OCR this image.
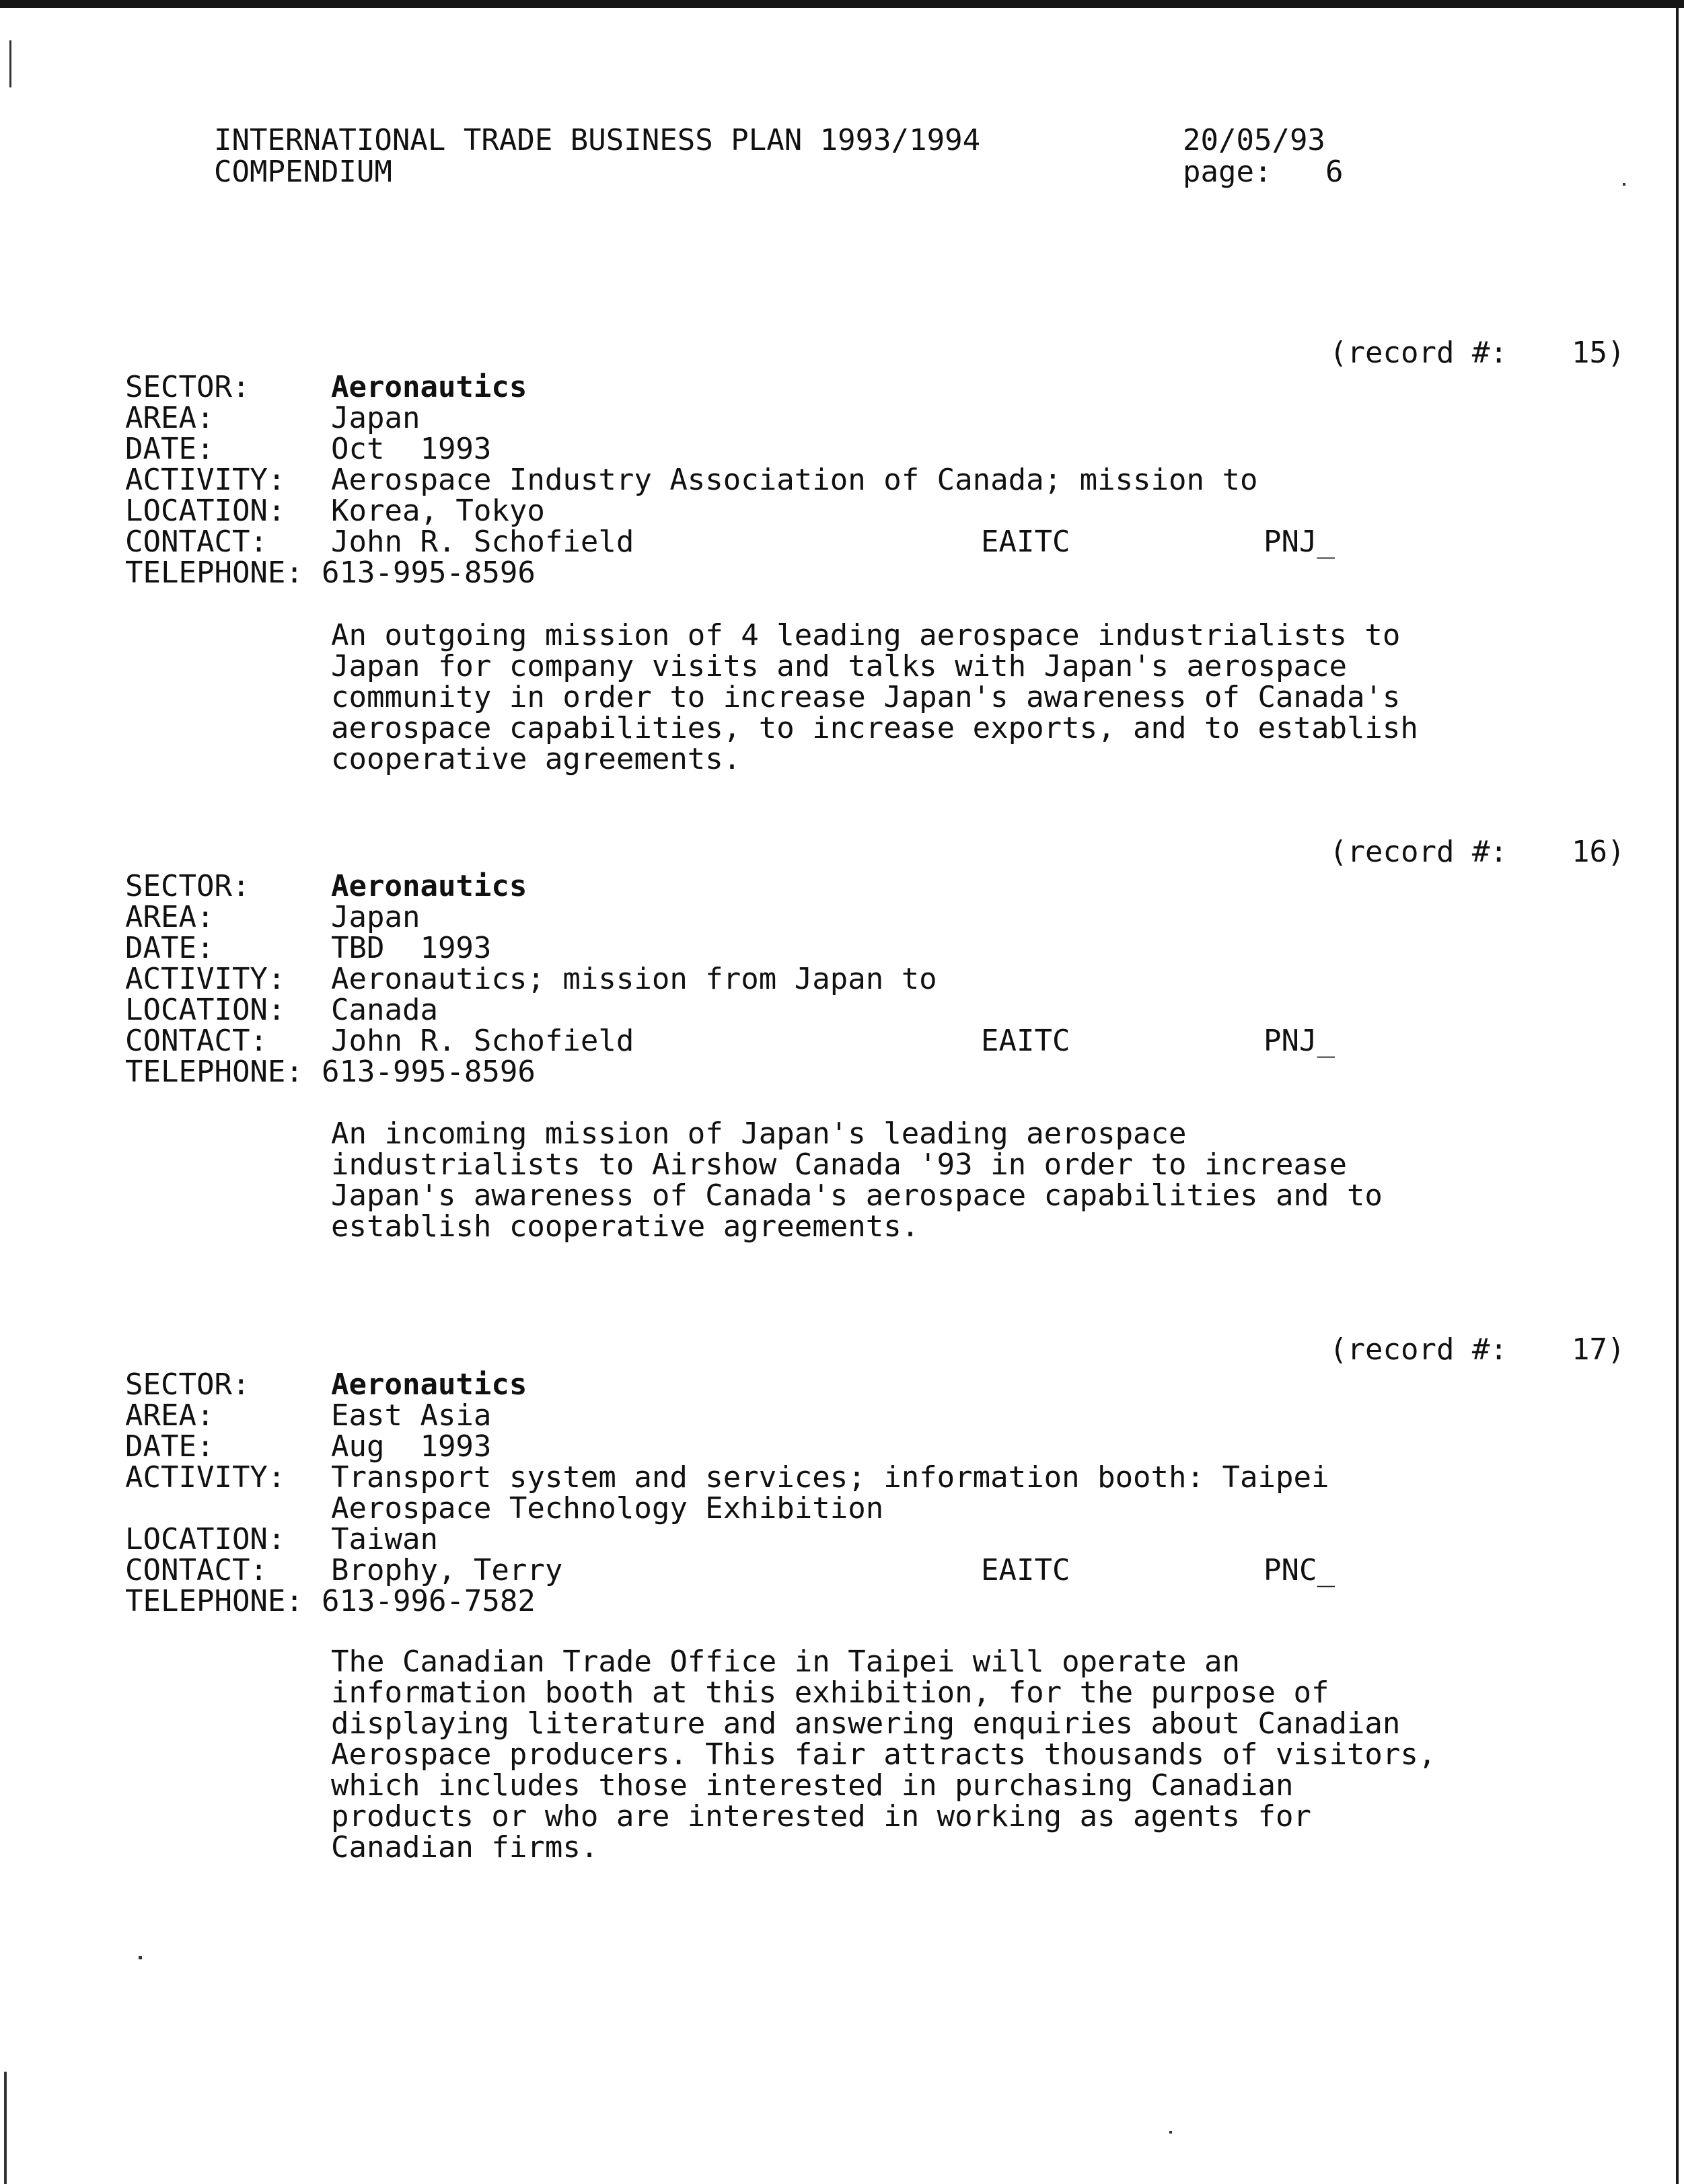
INTERNATIONAL TRADE BUSINESS PLAN 1993/1994
COMPENDIUM
20/05/93
page: 6
(record #: 15)
SECTOR:	Aeronautics
AREA:	Japan
DATE:	Oct  1993
ACTIVITY: Aerospace Industry Association of Canada; mission to
LOCATION: Korea, Tokyo
CONTACT: John R. Schofield	EAITC	PNJ_
TELEPHONE: 613-995-8596
An outgoing mission of 4 leading aerospace industrialists to
Japan for company visits and talks with Japan's aerospace
community in order to increase Japan's awareness of Canada's
aerospace capabilities, to increase exports, and to establish
cooperative agreements.
(record #: 16)
SECTOR:	Aeronautics
AREA:	Japan
DATE:	TBD  1993
ACTIVITY: Aeronautics; mission from Japan to
LOCATION: Canada
CONTACT: John R. Schofield	EAITC	PNJ_
TELEPHONE: 613-995-8596
An incoming mission of Japan's leading aerospace
industrialists to Airshow Canada '93 in order to increase
Japan's awareness of Canada's aerospace capabilities and to
establish cooperative agreements.
(record #: 17)
SECTOR:	Aeronautics
AREA:	East Asia
DATE:	Aug  1993
ACTIVITY: Transport system and services; information booth: Taipei
Aerospace Technology Exhibition
LOCATION: Taiwan
CONTACT: Brophy, Terry	EAITC	PNC_
TELEPHONE: 613-996-7582
The Canadian Trade Office in Taipei will operate an
information booth at this exhibition, for the purpose of
displaying literature and answering enquiries about Canadian
Aerospace producers. This fair attracts thousands of visitors,
which includes those interested in purchasing Canadian
products or who are interested in working as agents for
Canadian firms.
